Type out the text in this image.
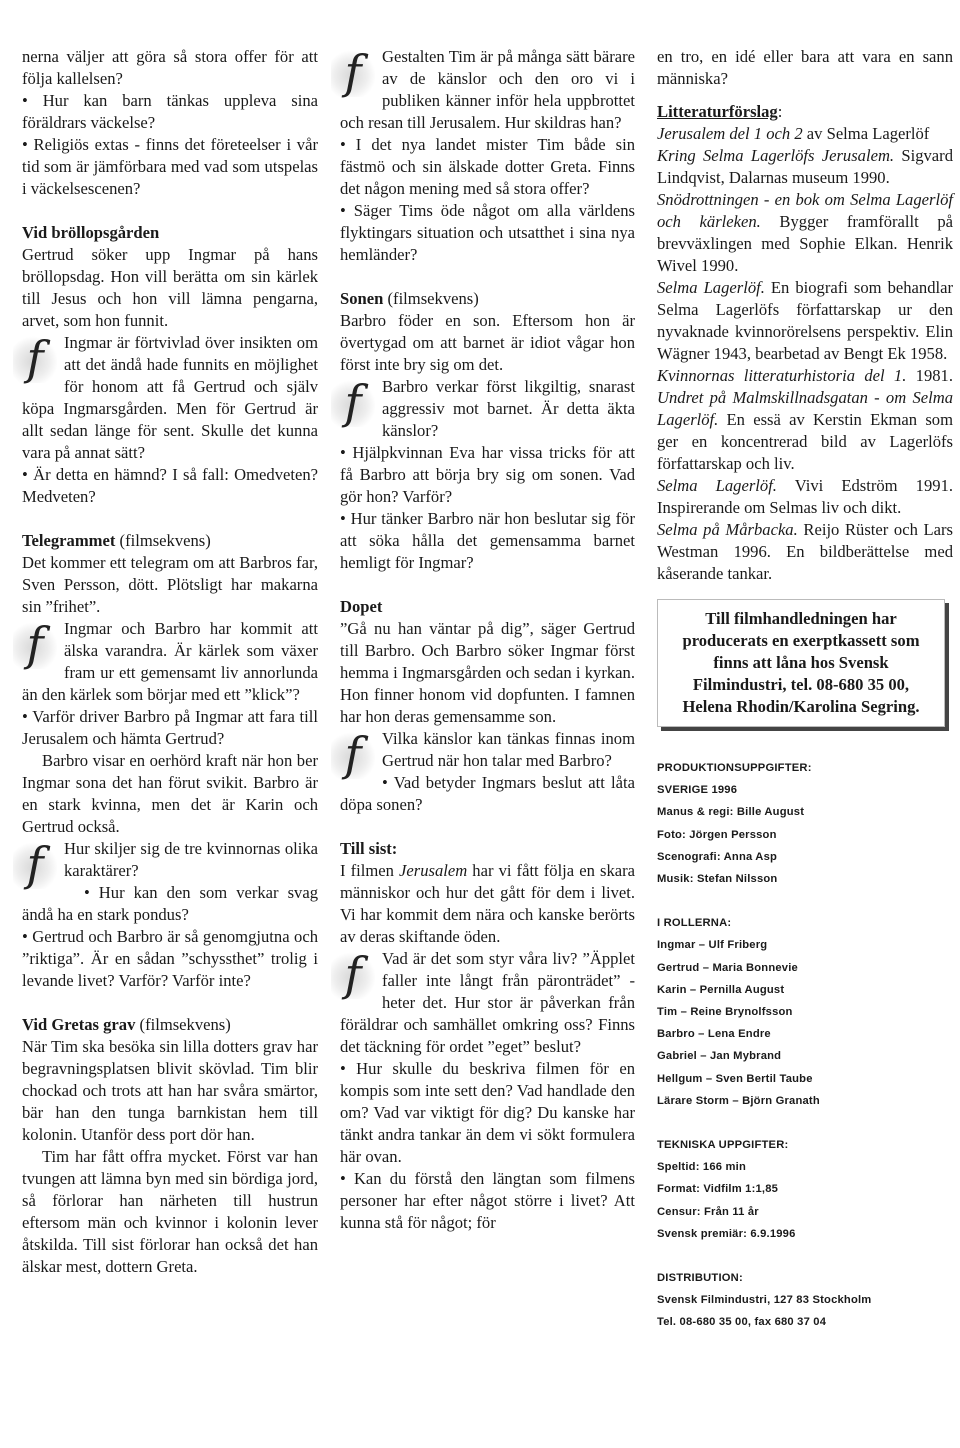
nerna väljer att göra så stora offer för att följa kallelsen?

• Hur kan barn tänkas uppleva sina föräldrars väckelse?

• Religiös extas - finns det företeelser i vår tid som är jämförbara med vad som utspelas i väckelsescenen?

Vid bröllopsgården

Gertrud söker upp Ingmar på hans bröllopsdag. Hon vill berätta om sin kärlek till Jesus och hon vill lämna pengarna, arvet, som hon funnit.

f	Ingmar är förtvivlad över insikten om att det ändå hade funnits en möjlighet för honom att få Gertrud och själv köpa Ingmarsgården. Men för Gertrud är allt sedan länge för sent. Skulle det kunna vara på annat sätt?

• Är detta en hämnd? I så fall: Omedveten? Medveten?

Telegrammet (filmsekvens)

Det kommer ett telegram om att Barbros far, Sven Persson, dött. Plötsligt har makarna sin ”frihet”.

f	Ingmar och Barbro har kommit att älska varandra. Är kärlek som växer fram ur ett gemensamt liv annorlunda än den kärlek som börjar med ett ”klick”?

• Varför driver Barbro på Ingmar att fara till Jerusalem och hämta Gertrud?

Barbro visar en oerhörd kraft när hon ber Ingmar sona det han förut svikit. Barbro är en stark kvinna, men det är Karin och Gertrud också.

f	Hur skiljer sig de tre kvinnornas olika karaktärer?

• Hur kan den som verkar svag ändå ha en stark pondus?

• Gertrud och Barbro är så genomgjutna och ”riktiga”. Är en sådan ”schyssthet” trolig i levande livet? Varför? Varför inte?

Vid Gretas grav (filmsekvens)

När Tim ska besöka sin lilla dotters grav har begravningsplatsen blivit skövlad. Tim blir chockad och trots att han har svåra smärtor, bär han den tunga barnkistan hem till kolonin. Utanför dess port dör han.

Tim har fått offra mycket. Först var han tvungen att lämna byn med sin bördiga jord, så förlorar han närheten till hustrun eftersom män och kvinnor i kolonin lever åtskilda. Till sist förlorar han också det han älskar mest, dottern Greta.

f	Gestalten Tim är på många sätt bärare av de känslor och den oro vi i publiken känner inför hela uppbrottet och resan till Jerusalem. Hur skildras han?

• I det nya landet mister Tim både sin fästmö och sin älskade dotter Greta. Finns det någon mening med så stora offer?

• Säger Tims öde något om alla världens flyktingars situation och utsatthet i sina nya hemländer?

Sonen (filmsekvens)

Barbro föder en son. Eftersom hon är övertygad om att barnet är idiot vågar hon först inte bry sig om det.

f	Barbro verkar först likgiltig, snarast aggressiv mot barnet. Är detta äkta känslor?

• Hjälpkvinnan Eva har vissa tricks för att få Barbro att börja bry sig om sonen. Vad gör hon? Varför?

• Hur tänker Barbro när hon beslutar sig för att söka hålla det gemensamma barnet hemligt för Ingmar?

Dopet

”Gå nu han väntar på dig”, säger Gertrud till Barbro. Och Barbro söker Ingmar först hemma i Ingmarsgården och sedan i kyrkan. Hon finner honom vid dopfunten. I famnen har hon deras gemensamme son.

f	Vilka känslor kan tänkas finnas inom Gertrud när hon talar med Barbro?

• Vad betyder Ingmars beslut att låta döpa sonen?

Till sist:

I filmen Jerusalem har vi fått följa en skara människor och hur det gått för dem i livet. Vi har kommit dem nära och kanske berörts av deras skiftande öden.

f	Vad är det som styr våra liv? ”Äpplet faller inte långt från päronträdet” - heter det. Hur stor är påverkan från föräldrar och samhället omkring oss? Finns det täckning för ordet ”eget” beslut?

• Hur skulle du beskriva filmen för en kompis som inte sett den? Vad handlade den om? Vad var viktigt för dig? Du kanske har tänkt andra tankar än dem vi sökt formulera här ovan.

• Kan du förstå den längtan som filmens personer har efter något större i livet? Att kunna stå för något; för

en tro, en idé eller bara att vara en sann människa?

Litteraturförslag:

Jerusalem del 1 och 2 av Selma Lagerlöf

Kring Selma Lagerlöfs Jerusalem. Sigvard Lindqvist, Dalarnas museum 1990.

Snödrottningen - en bok om Selma Lagerlöf och kärleken. Bygger framförallt på brevväxlingen med Sophie Elkan. Henrik Wivel 1990.

Selma Lagerlöf. En biografi som behandlar Selma Lagerlöfs författarskap ur den nyvaknade kvinnorörelsens perspektiv. Elin Wägner 1943, bearbetad av Bengt Ek 1958.

Kvinnornas litteraturhistoria del 1. 1981. Undret på Malmskillnadsgatan - om Selma Lagerlöf. En essä av Kerstin Ekman som ger en koncentrerad bild av Lagerlöfs författarskap och liv.

Selma Lagerlöf. Vivi Edström 1991. Inspirerande om Selmas liv och dikt.

Selma på Mårbacka. Reijo Rüster och Lars Westman 1996. En bildberättelse med kåserande tankar.

Till filmhandledningen har producerats en exerptkassett som finns att låna hos Svensk Filmindustri, tel. 08-680 35 00, Helena Rhodin/Karolina Segring.
PRODUKTIONSUPPGIFTER:
SVERIGE 1996
Manus & regi: Bille August
Foto: Jörgen Persson
Scenografi: Anna Asp
Musik: Stefan Nilsson
I ROLLERNA:
Ingmar – Ulf Friberg
Gertrud – Maria Bonnevie
Karin – Pernilla August
Tim – Reine Brynolfsson
Barbro – Lena Endre
Gabriel – Jan Mybrand
Hellgum – Sven Bertil Taube
Lärare Storm – Björn Granath
TEKNISKA UPPGIFTER:
Speltid: 166 min
Format: Vidfilm 1:1,85
Censur: Från 11 år
Svensk premiär: 6.9.1996
DISTRIBUTION:
Svensk Filmindustri, 127 83 Stockholm
Tel. 08-680 35 00, fax 680 37 04
